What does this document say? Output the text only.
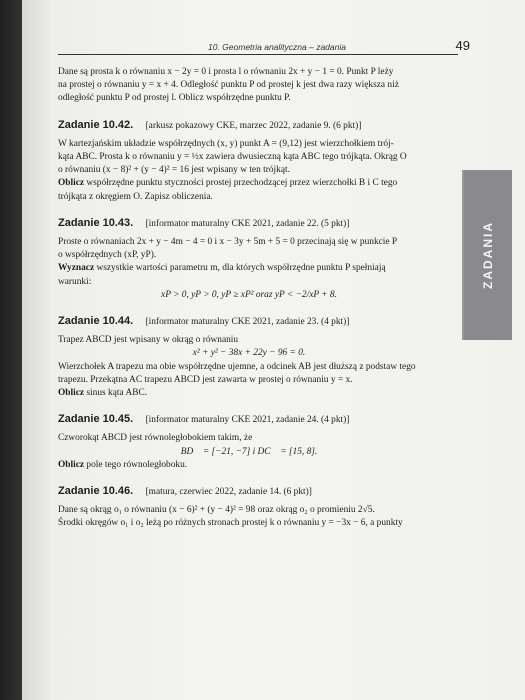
10. Geometria analityczna – zadania	49
ZADANIA

Dane są prosta k o równaniu x − 2y = 0 i prosta l o równaniu 2x + y − 1 = 0. Punkt P leży

na prostej o równaniu y = x + 4. Odległość punktu P od prostej k jest dwa razy większa niż

odległość punktu P od prostej l. Oblicz współrzędne punktu P.

Zadanie 10.42. [arkusz pokazowy CKE, marzec 2022, zadanie 9. (6 pkt)]

W kartezjańskim układzie współrzędnych (x, y) punkt A = (9,12) jest wierzchołkiem trój-

kąta ABC. Prosta k o równaniu y = ½x zawiera dwusieczną kąta ABC tego trójkąta. Okrąg O

o równaniu (x − 8)² + (y − 4)² = 16 jest wpisany w ten trójkąt.

Oblicz współrzędne punktu styczności prostej przechodzącej przez wierzchołki B i C tego

trójkąta z okręgiem O. Zapisz obliczenia.

Zadanie 10.43. [informator maturalny CKE 2021, zadanie 22. (5 pkt)]

Proste o równaniach 2x + y − 4m − 4 = 0 i x − 3y + 5m + 5 = 0 przecinają się w punkcie P

o współrzędnych (xP, yP).

Wyznacz wszystkie wartości parametru m, dla których współrzędne punktu P spełniają

warunki:

xP > 0, yP > 0, yP ≥ xP² oraz yP < −2/xP + 8.

Zadanie 10.44. [informator maturalny CKE 2021, zadanie 23. (4 pkt)]

Trapez ABCD jest wpisany w okrąg o równaniu

x² + y² − 38x + 22y − 96 = 0.

Wierzchołek A trapezu ma obie współrzędne ujemne, a odcinek AB jest dłuższą z podstaw tego

trapezu. Przekątna AC trapezu ABCD jest zawarta w prostej o równaniu y = x.

Oblicz sinus kąta ABC.

Zadanie 10.45. [informator maturalny CKE 2021, zadanie 24. (4 pkt)]

Czworokąt ABCD jest równoległobokiem takim, że

BD⃗ = [−21, −7] i DC⃗ = [15, 8].

Oblicz pole tego równoległoboku.

Zadanie 10.46. [matura, czerwiec 2022, zadanie 14. (6 pkt)]

Dane są okrąg o₁ o równaniu (x − 6)² + (y − 4)² = 98 oraz okrąg o₂ o promieniu 2√5.

Środki okręgów o₁ i o₂ leżą po różnych stronach prostej k o równaniu y = −3x − 6, a punkty
